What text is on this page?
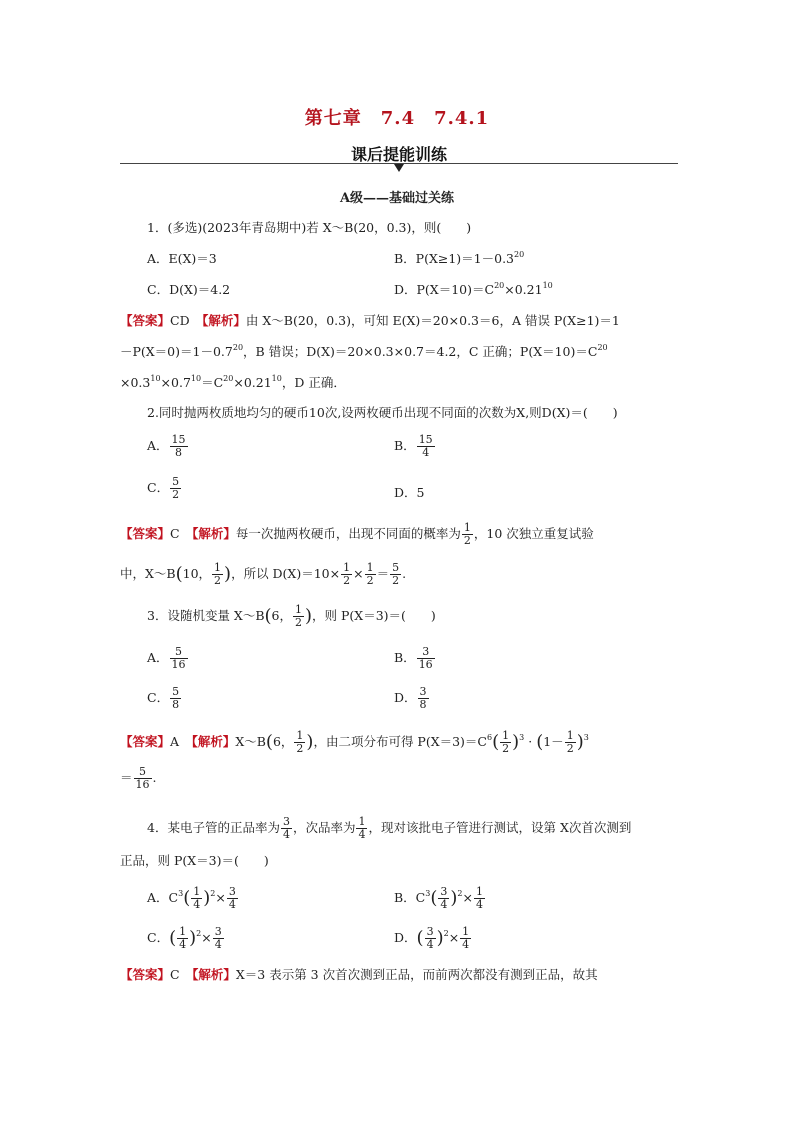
第七章　7.4　7.4.1
课后提能训练
A级——基础过关练
1．(多选)(2023年青岛期中)若 X～B(20，0.3)，则(　　)
A．E(X)＝3	B．$P(X\ge 1)=1-0.3^{20}$
C．D(X)＝4.2	D．$P(X=10)=C^{20}\times 0.21^{10}$
【答案】CD　 【解析】由 X～B(20，0.3)，可知 E(X)＝20×0.3＝6，A 错误 P(X≥1)＝1
$-P(X=0)=1-0.7^{20}$，B 错误；D(X)＝20×0.3×0.7＝4.2，C 正确；$P(X=10)=C^{20}$
$\times 0.3^{10}\times 0.7^{10}=C^{20}\times 0.21^{10}$，D 正确．
2.同时抛两枚质地均匀的硬币10次,设两枚硬币出现不同面的次数为X,则D(X)＝(　　)
A． $\frac{15}{8}$	B． $\frac{15}{4}$
C． $\frac{5}{2}$	D．5
【答案】C　 【解析】每一次抛两枚硬币，出现不同面的概率为 $\frac{1}{2}$ ，10 次独立重复试验
中，X～B(10， $\frac{1}{2}$ )，所以 $D(X)=10\times \frac{1}{2} \times \frac{1}{2} = \frac{5}{2}$ .
3．设随机变量 X～B(6， $\frac{1}{2}$ )，则 P(X＝3)＝(　　)
A． $\frac{5}{16}$	B． $\frac{3}{16}$
C． $\frac{5}{8}$	D． $\frac{3}{8}$
【答案】A　 【解析】X～B(6， $\frac{1}{2}$ )，由二项分布可得 $P(X=3)=C^6( \frac{1}{2} )^3 \cdot (1- \frac{1}{2} )^3$
＝ $\frac{5}{16}$ .
4．某电子管的正品率为 $\frac{3}{4}$ ，次品率为 $\frac{1}{4}$ ，现对该批电子管进行测试，设第 X次首次测到
正品，则 P(X＝3)＝(　　)
A．$C^3( \frac{1}{4} )^2\times \frac{3}{4}$	B．$C^3( \frac{3}{4} )^2\times \frac{1}{4}$
C．( $\frac{1}{4} )^2\times \frac{3}{4}$	D．( $\frac{3}{4} )^2\times \frac{1}{4}$
【答案】C　 【解析】X＝3 表示第 3 次首次测到正品，而前两次都没有测到正品，故其
